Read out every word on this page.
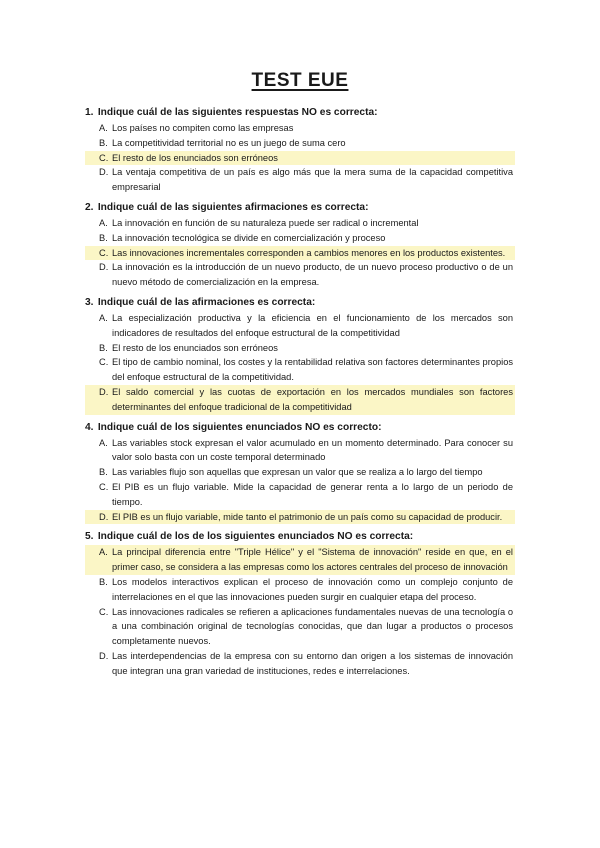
TEST EUE
1. Indique cuál de las siguientes respuestas NO es correcta:
A. Los países no compiten como las empresas
B. La competitividad territorial no es un juego de suma cero
C. El resto de los enunciados son erróneos
D. La ventaja competitiva de un país es algo más que la mera suma de la capacidad competitiva empresarial
2. Indique cuál de las siguientes afirmaciones es correcta:
A. La innovación en función de su naturaleza puede ser radical o incremental
B. La innovación tecnológica se divide en comercialización y proceso
C. Las innovaciones incrementales corresponden a cambios menores en los productos existentes.
D. La innovación es la introducción de un nuevo producto, de un nuevo proceso productivo o de un nuevo método de comercialización en la empresa.
3. Indique cuál de las afirmaciones es correcta:
A. La especialización productiva y la eficiencia en el funcionamiento de los mercados son indicadores de resultados del enfoque estructural de la competitividad
B. El resto de los enunciados son erróneos
C. El tipo de cambio nominal, los costes y la rentabilidad relativa son factores determinantes propios del enfoque estructural de la competitividad.
D. El saldo comercial y las cuotas de exportación en los mercados mundiales son factores determinantes del enfoque tradicional de la competitividad
4. Indique cuál de los siguientes enunciados NO es correcto:
A. Las variables stock expresan el valor acumulado en un momento determinado. Para conocer su valor solo basta con un coste temporal determinado
B. Las variables flujo son aquellas que expresan un valor que se realiza a lo largo del tiempo
C. El PIB es un flujo variable. Mide la capacidad de generar renta a lo largo de un periodo de tiempo.
D. El PIB es un flujo variable, mide tanto el patrimonio de un país como su capacidad de producir.
5. Indique cuál de los de los siguientes enunciados NO es correcta:
A. La principal diferencia entre "Triple Hélice" y el "Sistema de innovación" reside en que, en el primer caso, se considera a las empresas como los actores centrales del proceso de innovación
B. Los modelos interactivos explican el proceso de innovación como un complejo conjunto de interrelaciones en el que las innovaciones pueden surgir en cualquier etapa del proceso.
C. Las innovaciones radicales se refieren a aplicaciones fundamentales nuevas de una tecnología o a una combinación original de tecnologías conocidas, que dan lugar a productos o procesos completamente nuevos.
D. Las interdependencias de la empresa con su entorno dan origen a los sistemas de innovación que integran una gran variedad de instituciones, redes e interrelaciones.
